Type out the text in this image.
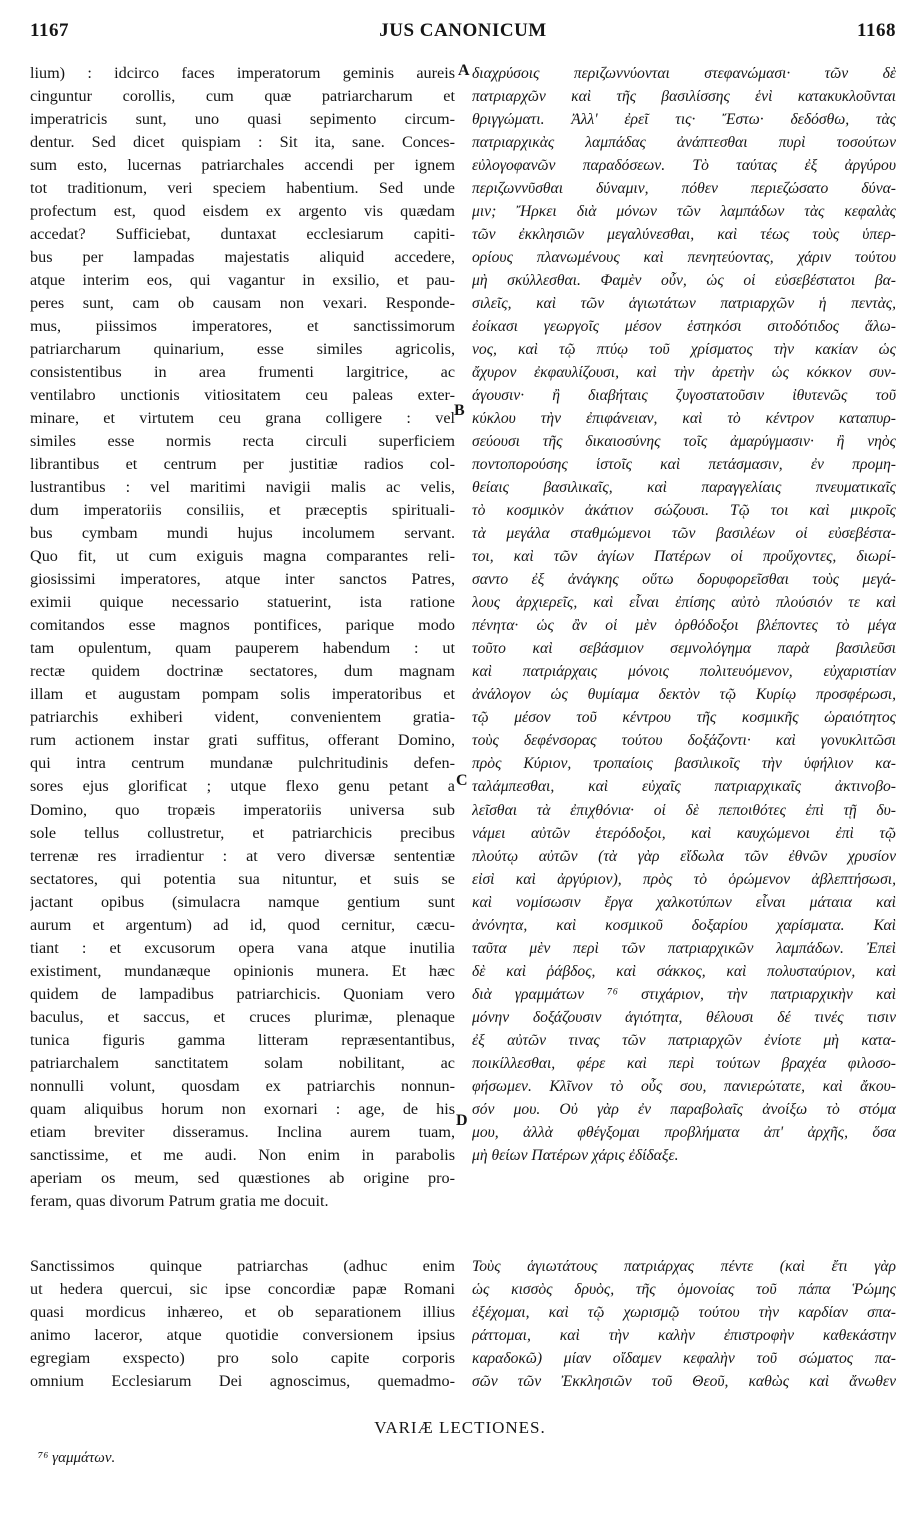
1167	JUS CANONICUM	1168
lium) : idcirco faces imperatorum geminis aureis
cinguntur corollis, cum quæ patriarcharum et
imperatricis sunt, uno quasi sepimento circum-
dentur. Sed dicet quispiam : Sit ita, sane. Conces-
sum esto, lucernas patriarchales accendi per ignem
tot traditionum, veri speciem habentium. Sed unde
profectum est, quod eisdem ex argento vis quædam
accedat? Sufficiebat, duntaxat ecclesiarum capiti-
bus per lampadas majestatis aliquid accedere,
atque interim eos, qui vagantur in exsilio, et pau-
peres sunt, cam ob causam non vexari. Responde-
mus, piissimos imperatores, et sanctissimorum
patriarcharum quinarium, esse similes agricolis,
consistentibus in area frumenti largitrice, ac
ventilabro unctionis vitiositatem ceu paleas exter-
minare, et virtutem ceu grana colligere : vel
similes esse normis recta circuli superficiem
librantibus et centrum per justitiæ radios col-
lustrantibus : vel maritimi navigii malis ac velis,
dum imperatoriis consiliis, et præceptis spirituali-
bus cymbam mundi hujus incolumem servant.
Quo fit, ut cum exiguis magna comparantes reli-
giosissimi imperatores, atque inter sanctos Patres,
eximii quique necessario statuerint, ista ratione
comitandos esse magnos pontifices, parique modo
tam opulentum, quam pauperem habendum : ut
rectæ quidem doctrinæ sectatores, dum magnam
illam et augustam pompam solis imperatoribus et
patriarchis exhiberi vident, convenientem gratia-
rum actionem instar grati suffitus, offerant Domino,
qui intra centrum mundanæ pulchritudinis defen-
sores ejus glorificat ; utque flexo genu petant a
Domino, quo tropæis imperatoriis universa sub
sole tellus collustretur, et patriarchicis precibus
terrenæ res irradientur : at vero diversæ sententiæ
sectatores, qui potentia sua nituntur, et suis se
jactant opibus (simulacra namque gentium sunt
aurum et argentum) ad id, quod cernitur, cæcu-
tiant : et excusorum opera vana atque inutilia
existiment, mundanæque opinionis munera. Et hæc
quidem de lampadibus patriarchicis. Quoniam vero
baculus, et saccus, et cruces plurimæ, plenaque
tunica figuris gamma litteram repræsentantibus,
patriarchalem sanctitatem solam nobilitant, ac
nonnulli volunt, quosdam ex patriarchis nonnun-
quam aliquibus horum non exornari : age, de his
etiam breviter disseramus. Inclina aurem tuam,
sanctissime, et me audi. Non enim in parabolis
aperiam os meum, sed quæstiones ab origine pro-
feram, quas divorum Patrum gratia me docuit.
διαχρύσοις περιζωννύονται στεφανώμασι· τῶν δὲ
πατριαρχῶν καὶ τῆς βασιλίσσης ἑνὶ κατακυκλοῦνται
θριγγώματι. Ἀλλ' ἐρεῖ τις· Ἔστω· δεδόσθω, τὰς
πατριαρχικὰς λαμπάδας ἀνάπτεσθαι πυρὶ τοσούτων
εὐλογοφανῶν παραδόσεων. Τὸ ταύτας ἐξ ἀργύρου
περιζωννῦσθαι δύναμιν, πόθεν περιεζώσατο δύνα-
μιν; Ἤρκει διὰ μόνων τῶν λαμπάδων τὰς κεφαλὰς
τῶν ἐκκλησιῶν μεγαλύνεσθαι, καὶ τέως τοὺς ὑπερ-
ορίους πλανωμένους καὶ πενητεύοντας, χάριν τούτου
μὴ σκύλλεσθαι. Φαμὲν οὖν, ὡς οἱ εὐσεβέστατοι βα-
σιλεῖς, καὶ τῶν ἁγιωτάτων πατριαρχῶν ἡ πεντὰς,
ἐοίκασι γεωργοῖς μέσον ἑστηκόσι σιτοδότιδος ἅλω-
νος, καὶ τῷ πτύῳ τοῦ χρίσματος τὴν κακίαν ὡς
ἄχυρον ἐκφαυλίζουσι, καὶ τὴν ἀρετὴν ὡς κόκκον συν-
άγουσιν· ἢ διαβήταις ζυγοστατοῦσιν ἰθυτενῶς τοῦ
κύκλου τὴν ἐπιφάνειαν, καὶ τὸ κέντρον καταπυρ-
σεύουσι τῆς δικαιοσύνης τοῖς ἀμαρύγμασιν· ἢ νηὸς
ποντοπορούσης ἱστοῖς καὶ πετάσμασιν, ἐν προμη-
θείαις βασιλικαῖς, καὶ παραγγελίαις πνευματικαῖς
τὸ κοσμικὸν ἀκάτιον σώζουσι. Τῷ τοι καὶ μικροῖς
τὰ μεγάλα σταθμώμενοι τῶν βασιλέων οἱ εὐσεβέστα-
τοι, καὶ τῶν ἁγίων Πατέρων οἱ προὔχοντες, διωρί-
σαντο ἐξ ἀνάγκης οὕτω δορυφορεῖσθαι τοὺς μεγά-
λους ἀρχιερεῖς, καὶ εἶναι ἐπίσης αὐτὸ πλούσιόν τε καὶ
πένητα· ὡς ἂν οἱ μὲν ὀρθόδοξοι βλέποντες τὸ μέγα
τοῦτο καὶ σεβάσμιον σεμνολόγημα παρὰ βασιλεῦσι
καὶ πατριάρχαις μόνοις πολιτευόμενον, εὐχαριστίαν
ἀνάλογον ὡς θυμίαμα δεκτὸν τῷ Κυρίῳ προσφέρωσι,
τῷ μέσον τοῦ κέντρου τῆς κοσμικῆς ὡραιότητος
τοὺς δεφένσορας τούτου δοξάζοντι· καὶ γονυκλιτῶσι
πρὸς Κύριον, τροπαίοις βασιλικοῖς τὴν ὑφήλιον κα-
ταλάμπεσθαι, καὶ εὐχαῖς πατριαρχικαῖς ἀκτινοβο-
λεῖσθαι τὰ ἐπιχθόνια· οἱ δὲ πεποιθότες ἐπὶ τῇ δυ-
νάμει αὐτῶν ἑτερόδοξοι, καὶ καυχώμενοι ἐπὶ τῷ
πλούτῳ αὐτῶν (τὰ γὰρ εἴδωλα τῶν ἐθνῶν χρυσίον
εἰσὶ καὶ ἀργύριον), πρὸς τὸ ὁρώμενον ἀβλεπτήσωσι,
καὶ νομίσωσιν ἔργα χαλκοτύπων εἶναι μάταια καὶ
ἀνόνητα, καὶ κοσμικοῦ δοξαρίου χαρίσματα. Καὶ
ταῦτα μὲν περὶ τῶν πατριαρχικῶν λαμπάδων. Ἐπεὶ
δὲ καὶ ῥάβδος, καὶ σάκκος, καὶ πολυσταύριον, καὶ
διὰ γραμμάτων ⁷⁶ στιχάριον, τὴν πατριαρχικὴν καὶ
μόνην δοξάζουσιν ἁγιότητα, θέλουσι δέ τινές τισιν
ἐξ αὐτῶν τινας τῶν πατριαρχῶν ἐνίοτε μὴ κατα-
ποικίλλεσθαι, φέρε καὶ περὶ τούτων βραχέα φιλοσο-
φήσωμεν. Κλῖνον τὸ οὖς σου, πανιερώτατε, καὶ ἄκου-
σόν μου. Οὐ γὰρ ἐν παραβολαῖς ἀνοίξω τὸ στόμα
μου, ἀλλὰ φθέγξομαι προβλήματα ἀπ' ἀρχῆς, ὅσα
μὴ θείων Πατέρων χάρις ἐδίδαξε.
Sanctissimos quinque patriarchas (adhuc enim
ut hedera quercui, sic ipse concordiæ papæ Romani
quasi mordicus inhæreo, et ob separationem illius
animo laceror, atque quotidie conversionem ipsius
egregiam exspecto) pro solo capite corporis
omnium Ecclesiarum Dei agnoscimus, quemadmo-
Τοὺς ἁγιωτάτους πατριάρχας πέντε (καὶ ἔτι γὰρ
ὡς κισσὸς δρυὸς, τῆς ὁμονοίας τοῦ πάπα Ῥώμης
ἐξέχομαι, καὶ τῷ χωρισμῷ τούτου τὴν καρδίαν σπα-
ράττομαι, καὶ τὴν καλὴν ἐπιστροφὴν καθεκάστην
καραδοκῶ) μίαν οἴδαμεν κεφαλὴν τοῦ σώματος πα-
σῶν τῶν Ἐκκλησιῶν τοῦ Θεοῦ, καθὼς καὶ ἄνωθεν
A
B
C
D
VARIÆ LECTIONES.
⁷⁶ γαμμάτων.
